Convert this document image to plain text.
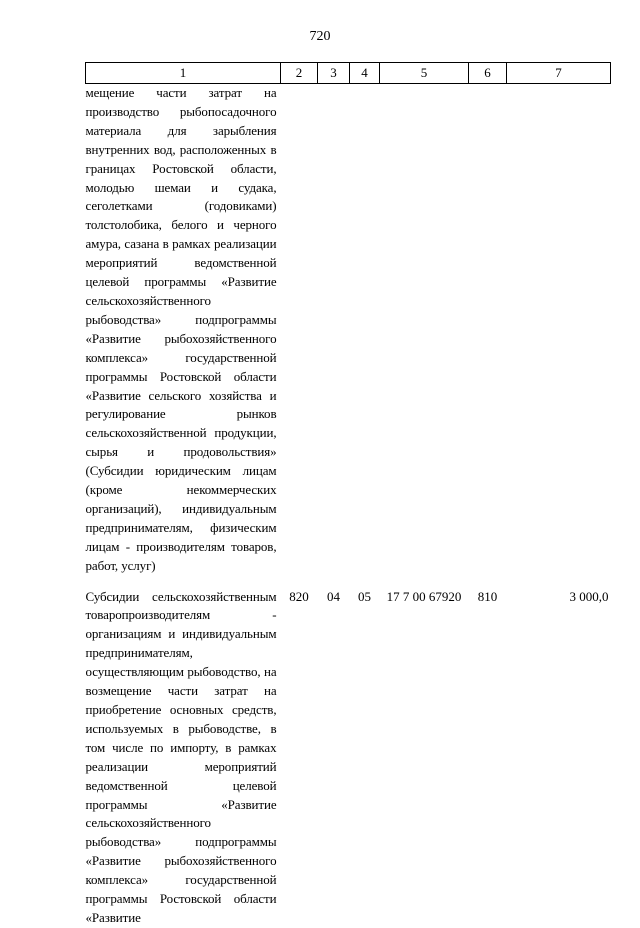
720
1	2	3	4	5	6	7
мещение части затрат на производство рыбопосадочного материала для зарыбления внутренних вод, расположенных в границах Ростовской области, молодью шемаи и судака, сеголетками (годовиками) толстолобика, белого и черного амура, сазана в рамках реализации мероприятий ведомственной целевой программы «Развитие сельскохозяйственного рыбоводства» подпрограммы «Развитие рыбохозяйственного комплекса» государственной программы Ростовской области «Развитие сельского хозяйства и регулирование рынков сельскохозяйственной продукции, сырья и продовольствия» (Субсидии юридическим лицам (кроме некоммерческих организаций), индивидуальным предпринимателям, физическим лицам - производителям товаров, работ, услуг)						
Субсидии сельскохозяйственным товаропроизводителям - организациям и индивидуальным предпринимателям, осуществляющим рыбоводство, на возмещение части затрат на приобретение основных средств, используемых в рыбоводстве, в том числе по импорту, в рамках реализации мероприятий ведомственной целевой программы «Развитие сельскохозяйственного рыбоводства» подпрограммы «Развитие рыбохозяйственного комплекса» государственной программы Ростовской области «Развитие	820	04	05	17 7 00 67920	810	3 000,0
